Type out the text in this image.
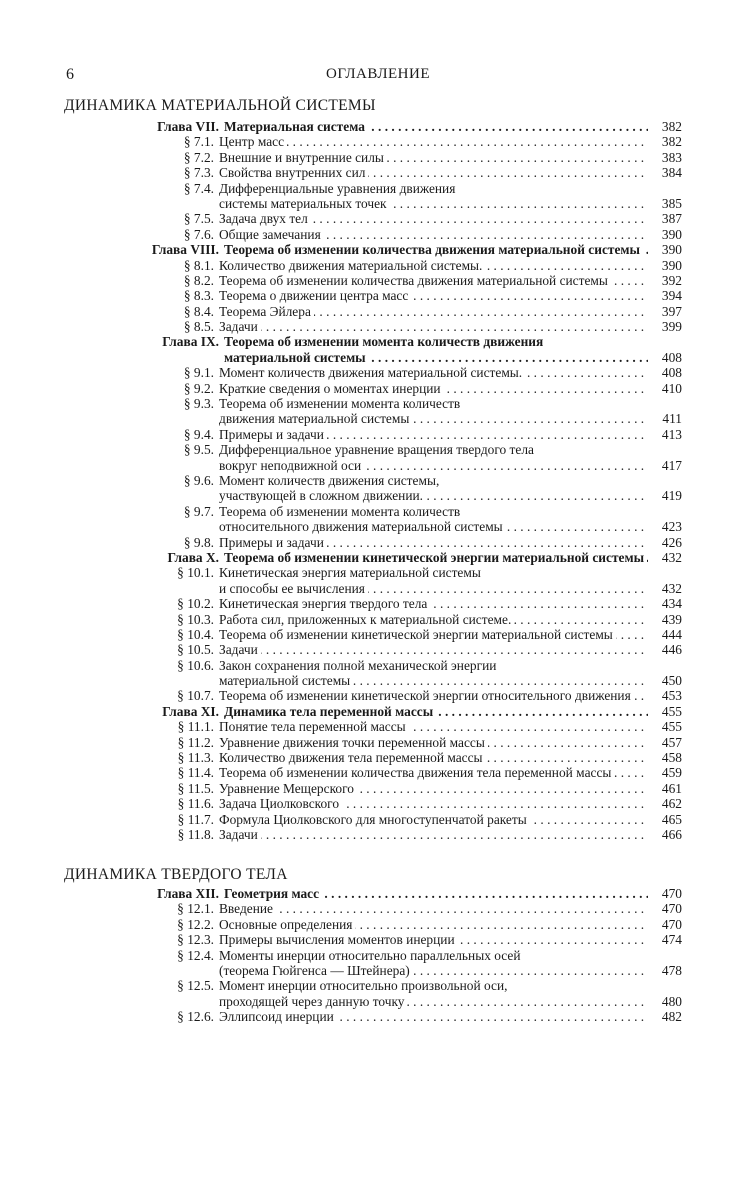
6	ОГЛАВЛЕНИЕ
ДИНАМИКА МАТЕРИАЛЬНОЙ СИСТЕМЫ
Глава VII. Материальная система . . .	382
§ 7.1. Центр масс . . .	382
§ 7.2. Внешние и внутренние силы . . .	383
§ 7.3. Свойства внутренних сил . . .	384
§ 7.4. Дифференциальные уравнения движения
системы материальных точек . . .	385
§ 7.5. Задача двух тел . . .	387
§ 7.6. Общие замечания . . .	390
Глава VIII. Теорема об изменении количества движения материальной системы . . .	390
§ 8.1. Количество движения материальной системы. . . .	390
§ 8.2. Теорема об изменении количества движения материальной системы . . .	392
§ 8.3. Теорема о движении центра масс . . .	394
§ 8.4. Теорема Эйлера . . .	397
§ 8.5. Задачи . . .	399
Глава IX. Теорема об изменении момента количеств движения
материальной системы . . .	408
§ 9.1. Момент количеств движения материальной системы. . . .	408
§ 9.2. Краткие сведения о моментах инерции . . .	410
§ 9.3. Теорема об изменении момента количеств
движения материальной системы . . .	411
§ 9.4. Примеры и задачи . . .	413
§ 9.5. Дифференциальное уравнение вращения твердого тела
вокруг неподвижной оси . . .	417
§ 9.6. Момент количеств движения системы,
участвующей в сложном движении. . . .	419
§ 9.7. Теорема об изменении момента количеств
относительного движения материальной системы . . .	423
§ 9.8. Примеры и задачи . . .	426
Глава X. Теорема об изменении кинетической энергии материальной системы . . .	432
§ 10.1. Кинетическая энергия материальной системы
и способы ее вычисления . . .	432
§ 10.2. Кинетическая энергия твердого тела . . .	434
§ 10.3. Работа сил, приложенных к материальной системе. . . .	439
§ 10.4. Теорема об изменении кинетической энергии материальной системы . . .	444
§ 10.5. Задачи . . .	446
§ 10.6. Закон сохранения полной механической энергии
материальной системы . . .	450
§ 10.7. Теорема об изменении кинетической энергии относительного движения . . .	453
Глава XI. Динамика тела переменной массы . . .	455
§ 11.1. Понятие тела переменной массы . . .	455
§ 11.2. Уравнение движения точки переменной массы . . .	457
§ 11.3. Количество движения тела переменной массы . . .	458
§ 11.4. Теорема об изменении количества движения тела переменной массы . . .	459
§ 11.5. Уравнение Мещерского . . .	461
§ 11.6. Задача Циолковского . . .	462
§ 11.7. Формула Циолковского для многоступенчатой ракеты . . .	465
§ 11.8. Задачи . . .	466
ДИНАМИКА ТВЕРДОГО ТЕЛА
Глава XII. Геометрия масс . . .	470
§ 12.1. Введение . . .	470
§ 12.2. Основные определения . . .	470
§ 12.3. Примеры вычисления моментов инерции . . .	474
§ 12.4. Моменты инерции относительно параллельных осей
(теорема Гюйгенса — Штейнера) . . .	478
§ 12.5. Момент инерции относительно произвольной оси,
проходящей через данную точку . . .	480
§ 12.6. Эллипсоид инерции . . .	482
